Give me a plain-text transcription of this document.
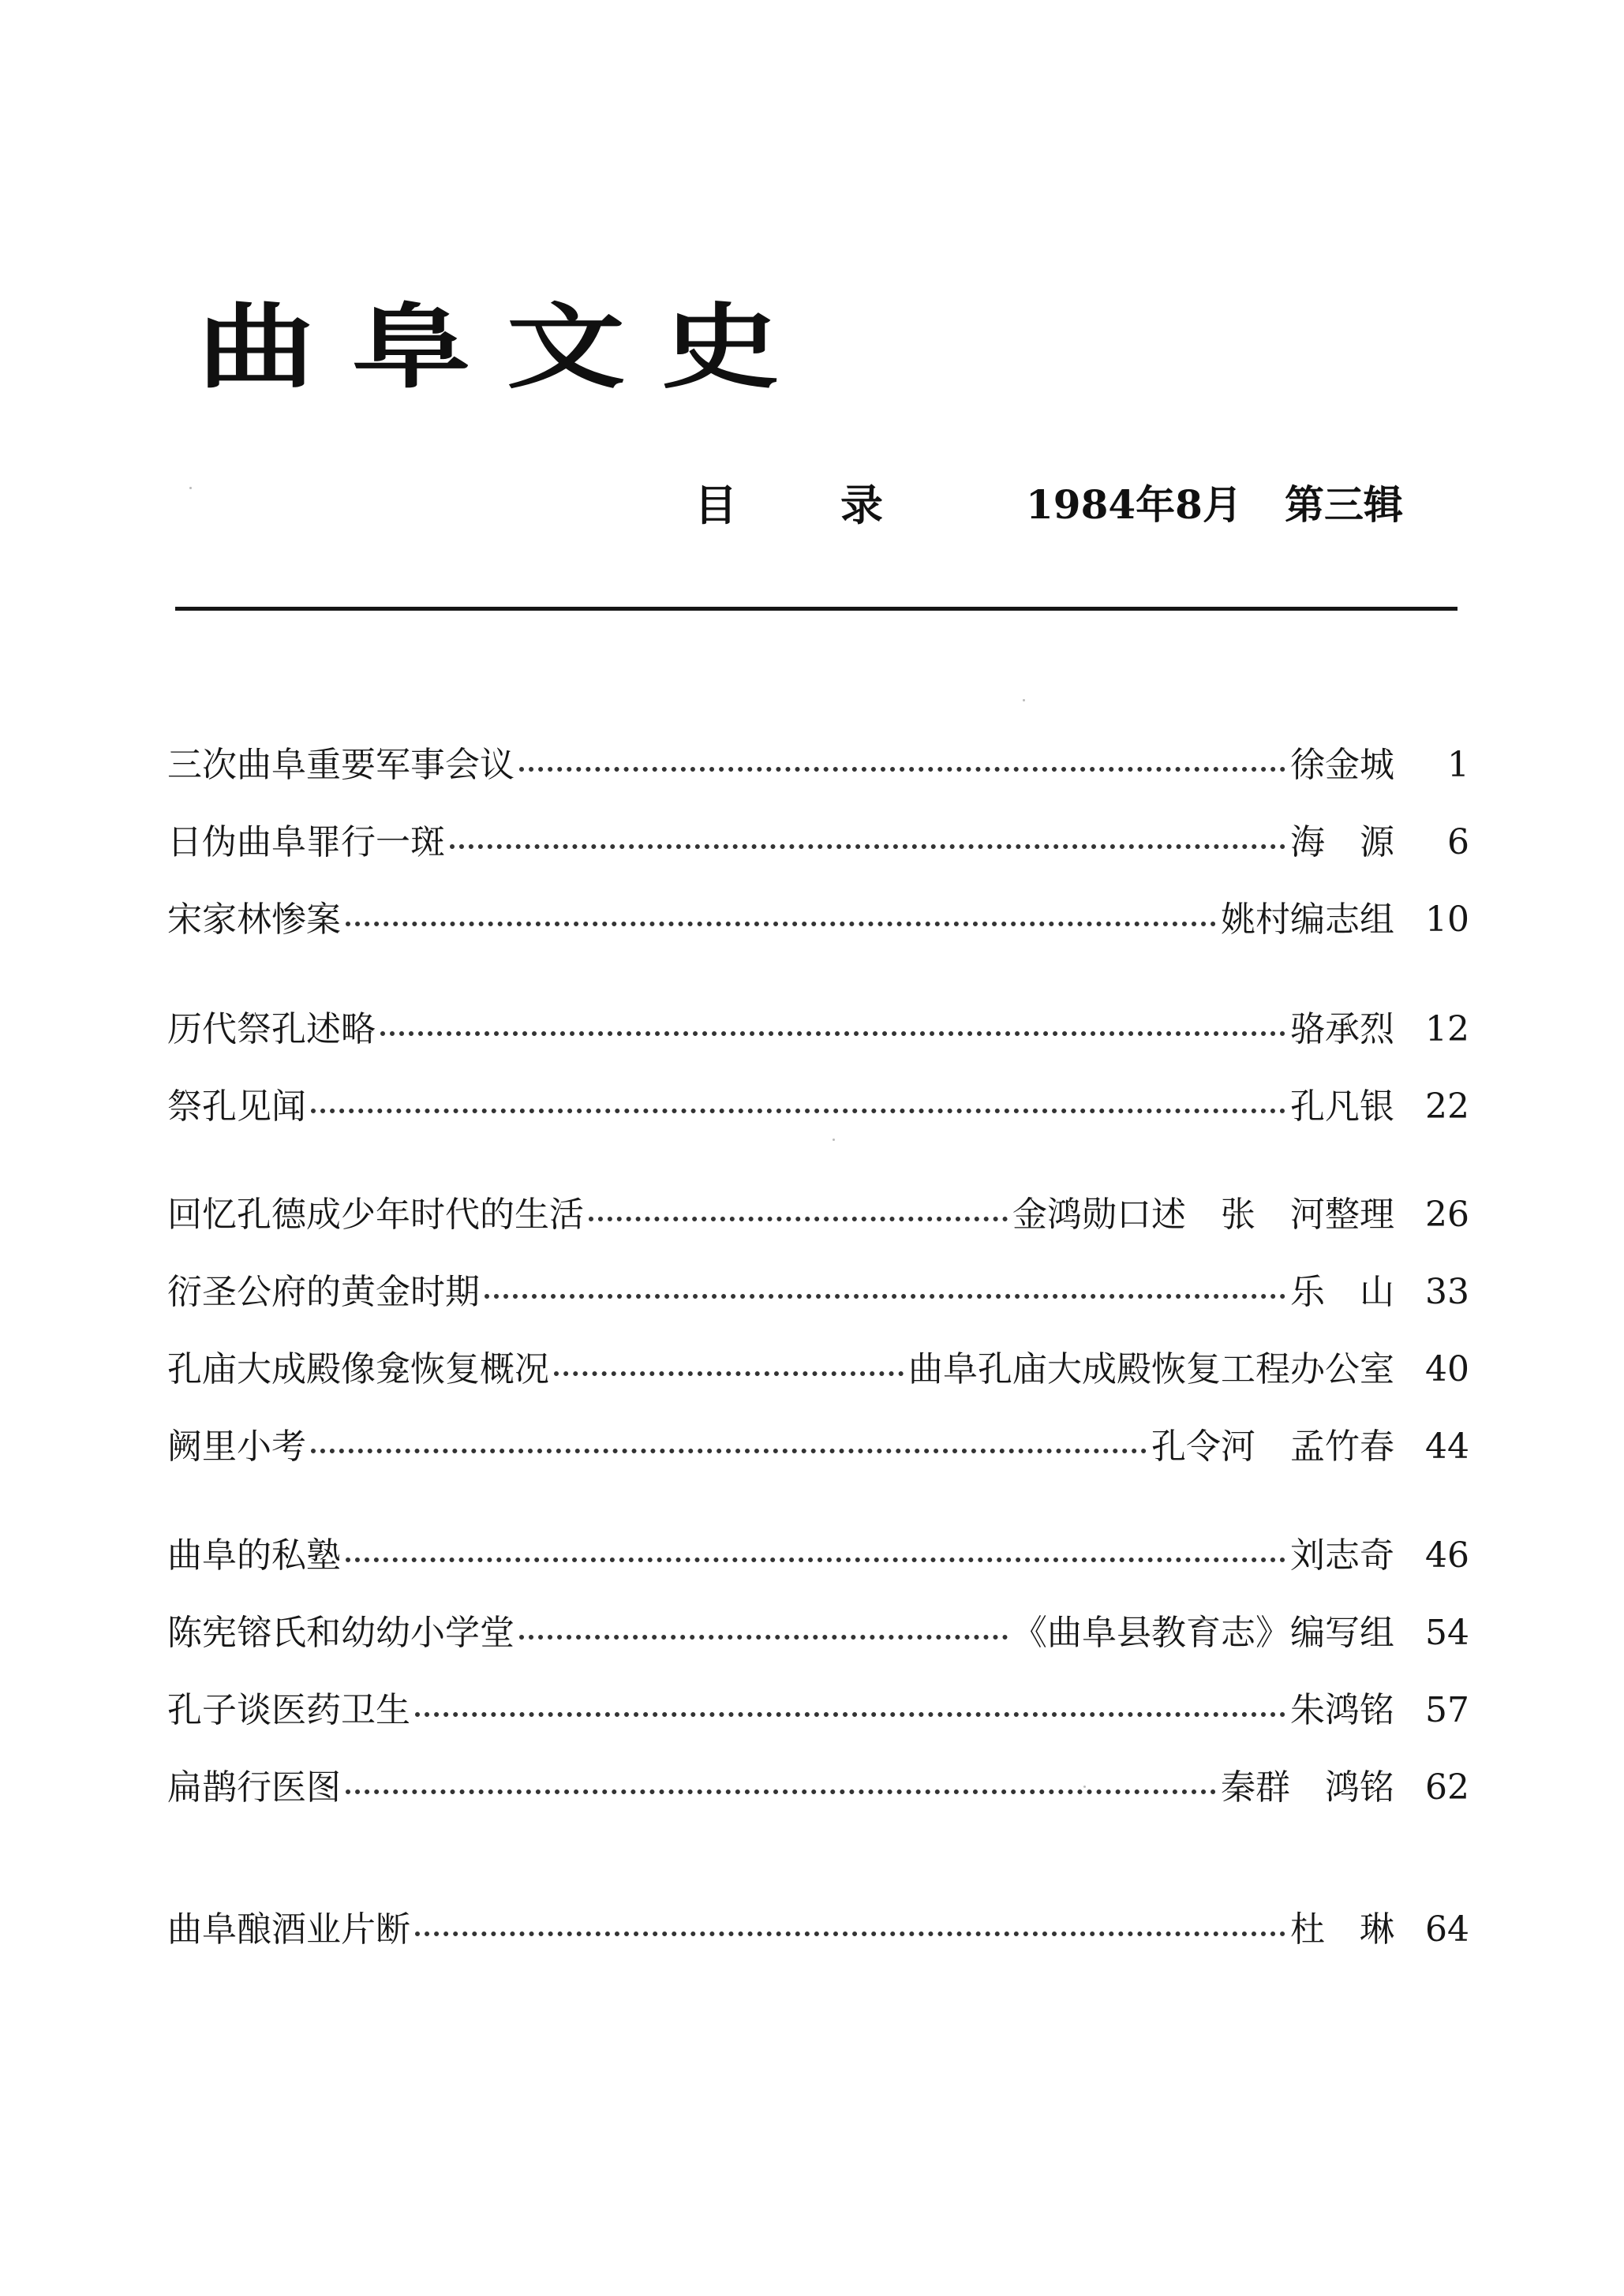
曲 阜 文 史
目 录	1984年8月 第三辑
三次曲阜重要军事会议	徐金城	1
日伪曲阜罪行一斑	海　源	6
宋家林惨案	姚村编志组 10
历代祭孔述略	骆承烈 12
祭孔见闻	孔凡银 22
回忆孔德成少年时代的生活	金鸿勋口述　张　河整理 26
衍圣公府的黄金时期	乐　山 33
孔庙大成殿像龛恢复概况	曲阜孔庙大成殿恢复工程办公室 40
阙里小考	孔令河　孟竹春 44
曲阜的私塾	刘志奇 46
陈宪镕氏和幼幼小学堂	《曲阜县教育志》编写组 54
孔子谈医药卫生	朱鸿铭 57
扁鹊行医图	秦群　鸿铭 62
曲阜酿酒业片断	杜　琳 64
